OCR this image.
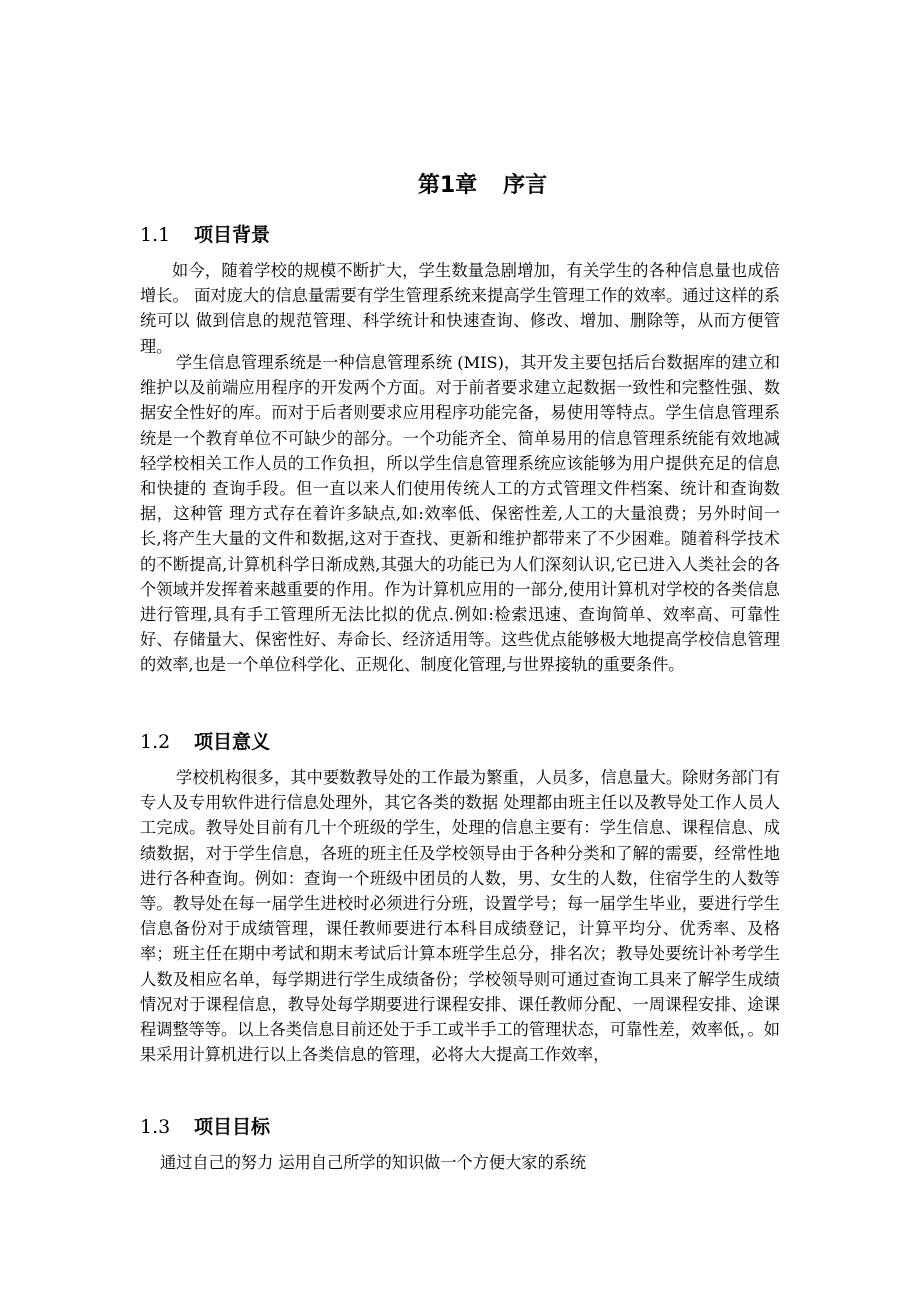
第1章 序言
1.1 项目背景

如今，随着学校的规模不断扩大，学生数量急剧增加，有关学生的各种信息量也成倍增长。 面对庞大的信息量需要有学生管理系统来提高学生管理工作的效率。通过这样的系统可以 做到信息的规范管理、科学统计和快速查询、修改、增加、删除等，从而方便管理。

学生信息管理系统是一种信息管理系统 (MIS)，其开发主要包括后台数据库的建立和维护以及前端应用程序的开发两个方面。对于前者要求建立起数据一致性和完整性强、数据安全性好的库。而对于后者则要求应用程序功能完备，易使用等特点。学生信息管理系统是一个教育单位不可缺少的部分。一个功能齐全、简单易用的信息管理系统能有效地减轻学校相关工作人员的工作负担，所以学生信息管理系统应该能够为用户提供充足的信息和快捷的 查询手段。但一直以来人们使用传统人工的方式管理文件档案、统计和查询数据，这种管 理方式存在着许多缺点,如:效率低、保密性差,人工的大量浪费；另外时间一长,将产生大量的文件和数据,这对于查找、更新和维护都带来了不少困难。随着科学技术的不断提高,计算机科学日渐成熟,其强大的功能已为人们深刻认识,它已进入人类社会的各个领域并发挥着来越重要的作用。作为计算机应用的一部分,使用计算机对学校的各类信息进行管理,具有手工管理所无法比拟的优点.例如:检索迅速、查询简单、效率高、可靠性好、存储量大、保密性好、寿命长、经济适用等。这些优点能够极大地提高学校信息管理的效率,也是一个单位科学化、正规化、制度化管理,与世界接轨的重要条件。

1.2 项目意义

学校机构很多，其中要数教导处的工作最为繁重，人员多，信息量大。除财务部门有专人及专用软件进行信息处理外，其它各类的数据 处理都由班主任以及教导处工作人员人工完成。教导处目前有几十个班级的学生，处理的信息主要有：学生信息、课程信息、成绩数据，对于学生信息，各班的班主任及学校领导由于各种分类和了解的需要，经常性地进行各种查询。例如：查询一个班级中团员的人数，男、女生的人数，住宿学生的人数等等。教导处在每一届学生进校时必须进行分班，设置学号；每一届学生毕业，要进行学生信息备份对于成绩管理，课任教师要进行本科目成绩登记，计算平均分、优秀率、及格率；班主任在期中考试和期末考试后计算本班学生总分，排名次；教导处要统计补考学生人数及相应名单，每学期进行学生成绩备份；学校领导则可通过查询工具来了解学生成绩情况对于课程信息，教导处每学期要进行课程安排、课任教师分配、一周课程安排、途课程调整等等。以上各类信息目前还处于手工或半手工的管理状态，可靠性差，效率低，。如果采用计算机进行以上各类信息的管理，必将大大提高工作效率，

1.3 项目目标

通过自己的努力 运用自己所学的知识做一个方便大家的系统
